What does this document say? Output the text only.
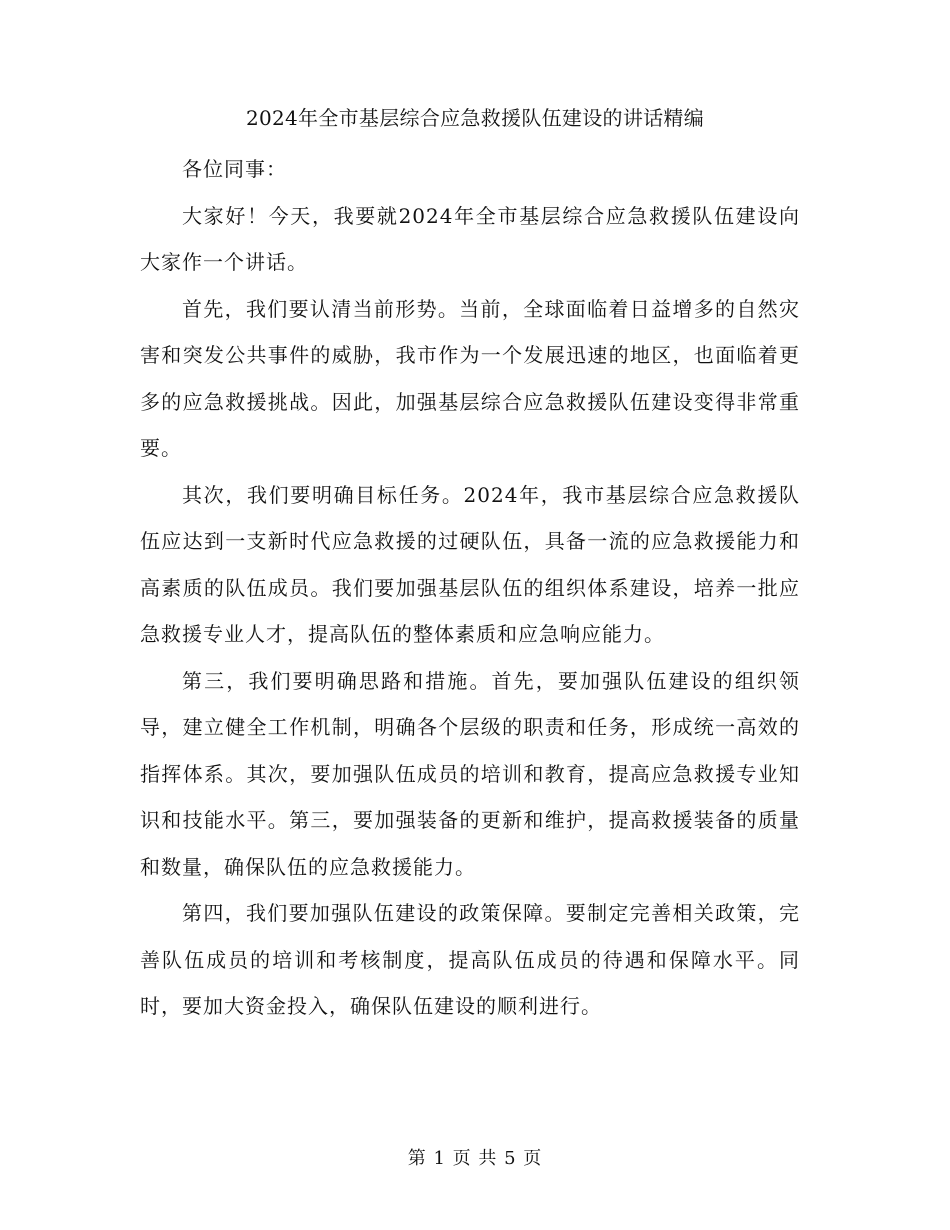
2024年全市基层综合应急救援队伍建设的讲话精编

各位同事：

大家好！今天，我要就2024年全市基层综合应急救援队伍建设向大家作一个讲话。

首先，我们要认清当前形势。当前，全球面临着日益增多的自然灾害和突发公共事件的威胁，我市作为一个发展迅速的地区，也面临着更多的应急救援挑战。因此，加强基层综合应急救援队伍建设变得非常重要。

其次，我们要明确目标任务。2024年，我市基层综合应急救援队伍应达到一支新时代应急救援的过硬队伍，具备一流的应急救援能力和高素质的队伍成员。我们要加强基层队伍的组织体系建设，培养一批应急救援专业人才，提高队伍的整体素质和应急响应能力。

第三，我们要明确思路和措施。首先，要加强队伍建设的组织领导，建立健全工作机制，明确各个层级的职责和任务，形成统一高效的指挥体系。其次，要加强队伍成员的培训和教育，提高应急救援专业知识和技能水平。第三，要加强装备的更新和维护，提高救援装备的质量和数量，确保队伍的应急救援能力。

第四，我们要加强队伍建设的政策保障。要制定完善相关政策，完善队伍成员的培训和考核制度，提高队伍成员的待遇和保障水平。同时，要加大资金投入，确保队伍建设的顺利进行。

第 1 页 共 5 页
